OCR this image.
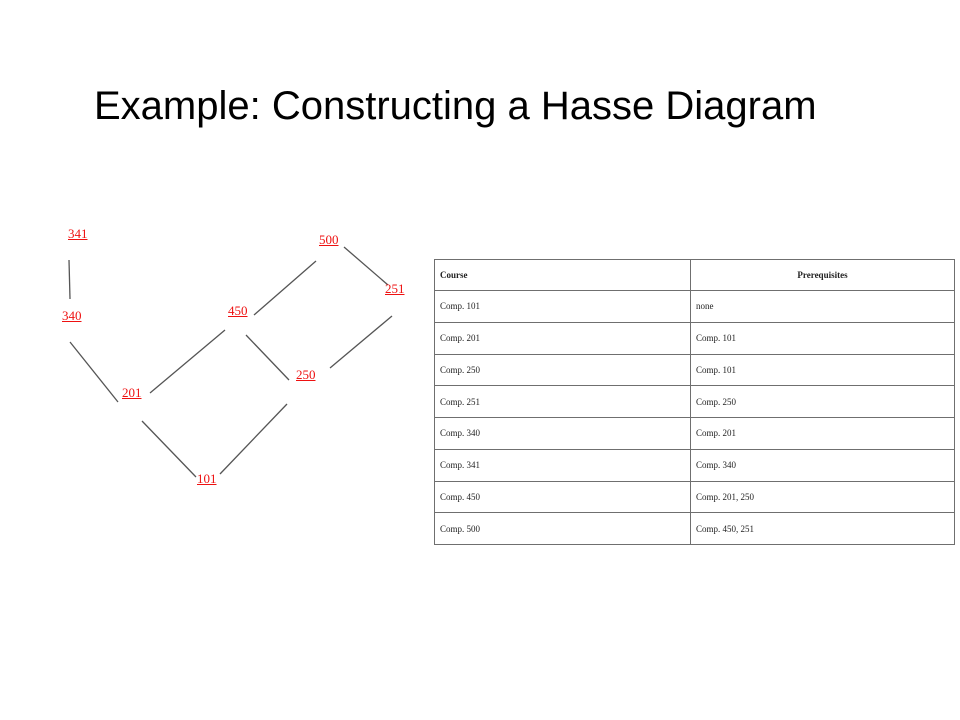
Example: Constructing a Hasse Diagram
341
340
201
101
450
250
500
251
Course	Prerequisites
Comp. 101	none
Comp. 201	Comp. 101
Comp. 250	Comp. 101
Comp. 251	Comp. 250
Comp. 340	Comp. 201
Comp. 341	Comp. 340
Comp. 450	Comp. 201, 250
Comp. 500	Comp. 450, 251
